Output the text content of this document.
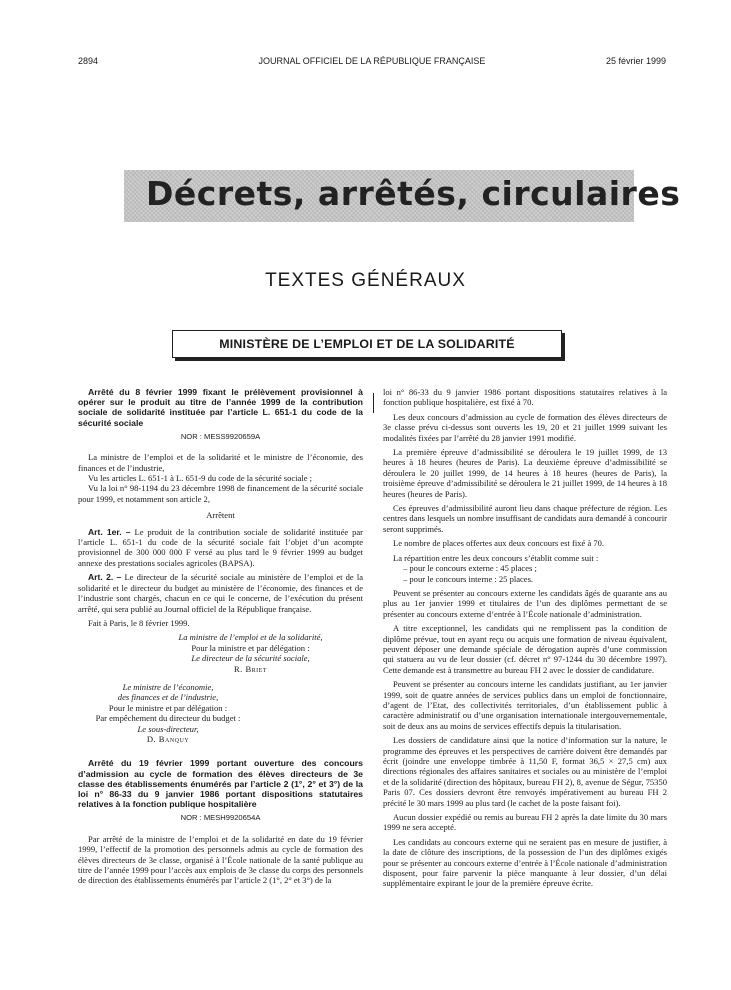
2894	JOURNAL OFFICIEL DE LA RÉPUBLIQUE FRANÇAISE	25 février 1999
Décrets, arrêtés, circulaires
TEXTES GÉNÉRAUX
MINISTÈRE DE L’EMPLOI ET DE LA SOLIDARITÉ

Arrêté du 8 février 1999 fixant le prélèvement provisionnel à opérer sur le produit au titre de l’année 1999 de la contribution sociale de solidarité instituée par l’article L. 651-1 du code de la sécurité sociale

NOR : MESS9920659A

La ministre de l’emploi et de la solidarité et le ministre de l’économie, des finances et de l’industrie,

Vu les articles L. 651-1 à L. 651-9 du code de la sécurité sociale ;

Vu la loi n° 98-1194 du 23 décembre 1998 de financement de la sécurité sociale pour 1999, et notamment son article 2,

Arrêtent

Art. 1er. – Le produit de la contribution sociale de solidarité instituée par l’article L. 651-1 du code de la sécurité sociale fait l’objet d’un acompte provisionnel de 300 000 000 F versé au plus tard le 9 février 1999 au budget annexe des prestations sociales agricoles (BAPSA).

Art. 2. – Le directeur de la sécurité sociale au ministère de l’emploi et de la solidarité et le directeur du budget au ministère de l’économie, des finances et de l’industrie sont chargés, chacun en ce qui le concerne, de l’exécution du présent arrêté, qui sera publié au Journal officiel de la République française.

Fait à Paris, le 8 février 1999.

La ministre de l’emploi et de la solidarité,
Pour la ministre et par délégation :
Le directeur de la sécurité sociale,
R. Briet
Le ministre de l’économie,
des finances et de l’industrie,
Pour le ministre et par délégation :
Par empêchement du directeur du budget :
Le sous-directeur,
D. Banquy

Arrêté du 19 février 1999 portant ouverture des concours d’admission au cycle de formation des élèves directeurs de 3e classe des établissements énumérés par l’article 2 (1°, 2° et 3°) de la loi n° 86-33 du 9 janvier 1986 portant dispositions statutaires relatives à la fonction publique hospitalière

NOR : MESH9920654A

Par arrêté de la ministre de l’emploi et de la solidarité en date du 19 février 1999, l’effectif de la promotion des personnels admis au cycle de formation des élèves directeurs de 3e classe, organisé à l’École nationale de la santé publique au titre de l’année 1999 pour l’accès aux emplois de 3e classe du corps des personnels de direction des établissements énumérés par l’article 2 (1°, 2° et 3°) de la

loi n° 86-33 du 9 janvier 1986 portant dispositions statutaires relatives à la fonction publique hospitalière, est fixé à 70.

Les deux concours d’admission au cycle de formation des élèves directeurs de 3e classe prévu ci-dessus sont ouverts les 19, 20 et 21 juillet 1999 suivant les modalités fixées par l’arrêté du 28 janvier 1991 modifié.

La première épreuve d’admissibilité se déroulera le 19 juillet 1999, de 13 heures à 18 heures (heures de Paris). La deuxième épreuve d’admissibilité se déroulera le 20 juillet 1999, de 14 heures à 18 heures (heures de Paris), la troisième épreuve d’admissibilité se déroulera le 21 juillet 1999, de 14 heures à 18 heures (heures de Paris).

Ces épreuves d’admissibilité auront lieu dans chaque préfecture de région. Les centres dans lesquels un nombre insuffisant de candidats aura demandé à concourir seront supprimés.

Le nombre de places offertes aux deux concours est fixé à 70.

La répartition entre les deux concours s’établit comme suit :

– pour le concours externe : 45 places ;

– pour le concours interne : 25 places.

Peuvent se présenter au concours externe les candidats âgés de quarante ans au plus au 1er janvier 1999 et titulaires de l’un des diplômes permettant de se présenter au concours externe d’entrée à l’École nationale d’administration.

A titre exceptionnel, les candidats qui ne remplissent pas la condition de diplôme prévue, tout en ayant reçu ou acquis une formation de niveau équivalent, peuvent déposer une demande spéciale de dérogation auprès d’une commission qui statuera au vu de leur dossier (cf. décret n° 97-1244 du 30 décembre 1997). Cette demande est à transmettre au bureau FH 2 avec le dossier de candidature.

Peuvent se présenter au concours interne les candidats justifiant, au 1er janvier 1999, soit de quatre années de services publics dans un emploi de fonctionnaire, d’agent de l’Etat, des collectivités territoriales, d’un établissement public à caractère administratif ou d’une organisation internationale intergouvernementale, soit de deux ans au moins de services effectifs depuis la titularisation.

Les dossiers de candidature ainsi que la notice d’information sur la nature, le programme des épreuves et les perspectives de carrière doivent être demandés par écrit (joindre une enveloppe timbrée à 11,50 F, format 36,5 × 27,5 cm) aux directions régionales des affaires sanitaires et sociales ou au ministère de l’emploi et de la solidarité (direction des hôpitaux, bureau FH 2), 8, avenue de Ségur, 75350 Paris 07. Ces dossiers devront être renvoyés impérativement au bureau FH 2 précité le 30 mars 1999 au plus tard (le cachet de la poste faisant foi).

Aucun dossier expédié ou remis au bureau FH 2 après la date limite du 30 mars 1999 ne sera accepté.

Les candidats au concours externe qui ne seraient pas en mesure de justifier, à la date de clôture des inscriptions, de la possession de l’un des diplômes exigés pour se présenter au concours externe d’entrée à l’École nationale d’administration disposent, pour faire parvenir la pièce manquante à leur dossier, d’un délai supplémentaire expirant le jour de la première épreuve écrite.
